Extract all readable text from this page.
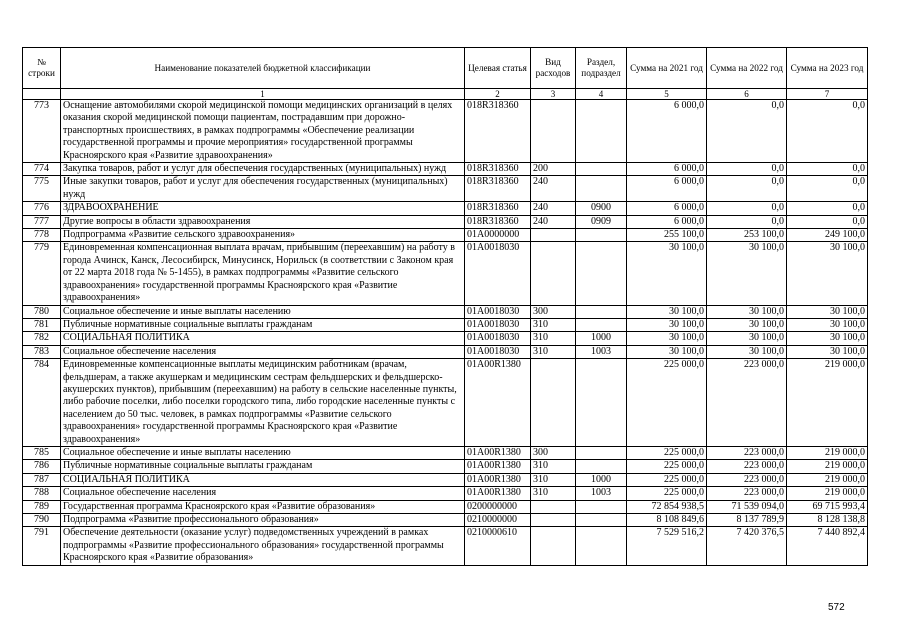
№ строки	Наименование показателей бюджетной классификации	Целевая статья	Вид расходов	Раздел, подраздел	Сумма на 2021 год	Сумма на 2022 год	Сумма на 2023 год
	1	2	3	4	5	6	7
773	Оснащение автомобилями скорой медицинской помощи медицинских организаций в целях оказания скорой медицинской помощи пациентам, пострадавшим при дорожно-транспортных происшествиях, в рамках подпрограммы «Обеспечение реализации государственной программы и прочие мероприятия» государственной программы Красноярского края «Развитие здравоохранения»	018R318360			6 000,0	0,0	0,0
774	Закупка товаров, работ и услуг для обеспечения государственных (муниципальных) нужд	018R318360	200		6 000,0	0,0	0,0
775	Иные закупки товаров, работ и услуг для обеспечения государственных (муниципальных) нужд	018R318360	240		6 000,0	0,0	0,0
776	ЗДРАВООХРАНЕНИЕ	018R318360	240	0900	6 000,0	0,0	0,0
777	Другие вопросы в области здравоохранения	018R318360	240	0909	6 000,0	0,0	0,0
778	Подпрограмма «Развитие сельского здравоохранения»	01А0000000			255 100,0	253 100,0	249 100,0
779	Единовременная компенсационная выплата врачам, прибывшим (переехавшим) на работу в города Ачинск, Канск, Лесосибирск, Минусинск, Норильск (в соответствии с Законом края от 22 марта 2018 года № 5-1455), в рамках подпрограммы «Развитие сельского здравоохранения» государственной программы Красноярского края «Развитие здравоохранения»	01А0018030			30 100,0	30 100,0	30 100,0
780	Социальное обеспечение и иные выплаты населению	01А0018030	300		30 100,0	30 100,0	30 100,0
781	Публичные нормативные социальные выплаты гражданам	01А0018030	310		30 100,0	30 100,0	30 100,0
782	СОЦИАЛЬНАЯ ПОЛИТИКА	01А0018030	310	1000	30 100,0	30 100,0	30 100,0
783	Социальное обеспечение населения	01А0018030	310	1003	30 100,0	30 100,0	30 100,0
784	Единовременные компенсационные выплаты медицинским работникам (врачам, фельдшерам, а также акушеркам и медицинским сестрам фельдшерских и фельдшерско-акушерских пунктов), прибывшим (переехавшим) на работу в сельские населенные пункты, либо рабочие поселки, либо поселки городского типа, либо городские населенные пункты с населением до 50 тыс. человек, в рамках подпрограммы «Развитие сельского здравоохранения» государственной программы Красноярского края «Развитие здравоохранения»	01А00R1380			225 000,0	223 000,0	219 000,0
785	Социальное обеспечение и иные выплаты населению	01А00R1380	300		225 000,0	223 000,0	219 000,0
786	Публичные нормативные социальные выплаты гражданам	01А00R1380	310		225 000,0	223 000,0	219 000,0
787	СОЦИАЛЬНАЯ ПОЛИТИКА	01А00R1380	310	1000	225 000,0	223 000,0	219 000,0
788	Социальное обеспечение населения	01А00R1380	310	1003	225 000,0	223 000,0	219 000,0
789	Государственная программа Красноярского края «Развитие образования»	0200000000			72 854 938,5	71 539 094,0	69 715 993,4
790	Подпрограмма «Развитие профессионального образования»	0210000000			8 108 849,6	8 137 789,9	8 128 138,8
791	Обеспечение деятельности (оказание услуг) подведомственных учреждений в рамках подпрограммы «Развитие профессионального образования» государственной программы Красноярского края «Развитие образования»	0210000610			7 529 516,2	7 420 376,5	7 440 892,4
572
